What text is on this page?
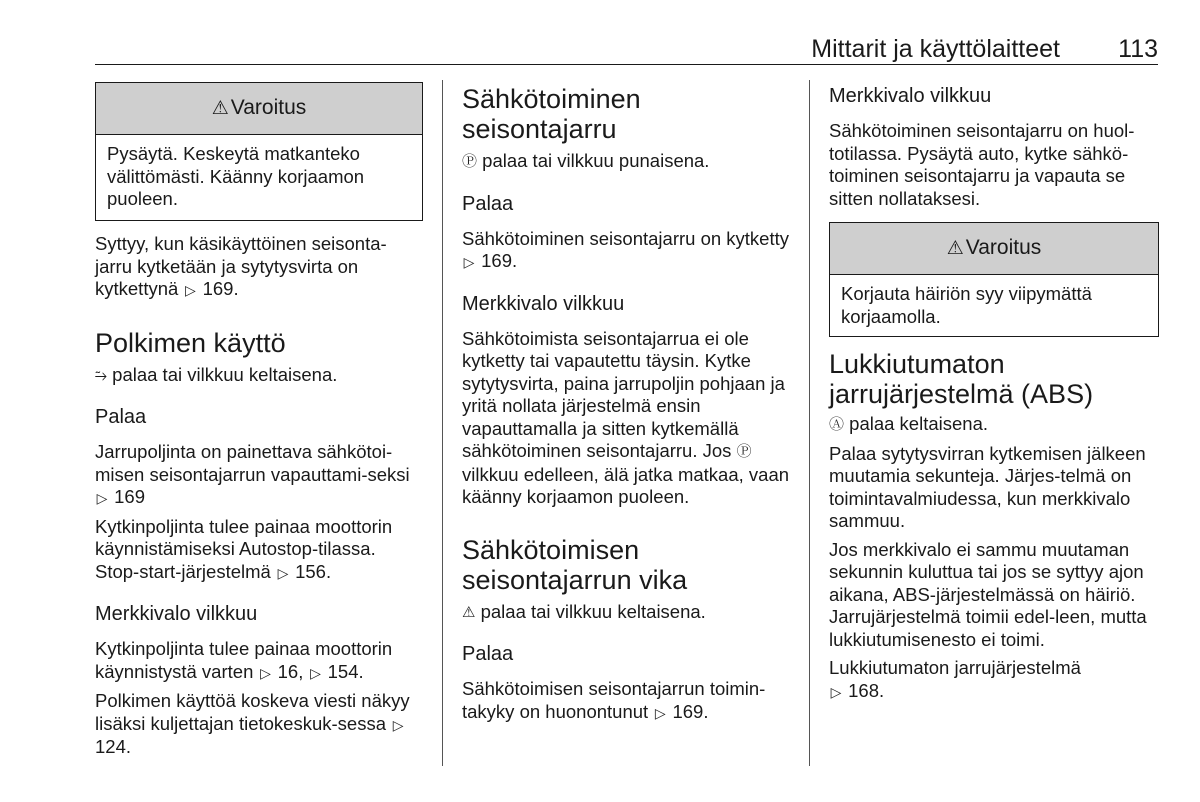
Mittarit ja käyttölaitteet	113
⚠Varoitus

Pysäytä. Keskeytä matkanteko välittömästi. Käänny korjaamon puoleen.

Syttyy, kun käsikäyttöinen seisonta-jarru kytketään ja sytytysvirta on kytkettynä ▷ 169.

Polkimen käyttö

⥲ palaa tai vilkkuu keltaisena.

Palaa

Jarrupoljinta on painettava sähkötoi-misen seisontajarrun vapauttami-seksi ▷ 169

Kytkinpoljinta tulee painaa moottorin käynnistämiseksi Autostop-tilassa. Stop-start-järjestelmä ▷ 156.

Merkkivalo vilkkuu

Kytkinpoljinta tulee painaa moottorin käynnistystä varten ▷ 16, ▷ 154.

Polkimen käyttöä koskeva viesti näkyy lisäksi kuljettajan tietokeskuk-sessa ▷ 124.

Sähkötoiminen seisontajarru

Ⓟ palaa tai vilkkuu punaisena.

Palaa

Sähkötoiminen seisontajarru on kytketty ▷ 169.

Merkkivalo vilkkuu

Sähkötoimista seisontajarrua ei ole kytketty tai vapautettu täysin. Kytke sytytysvirta, paina jarrupoljin pohjaan ja yritä nollata järjestelmä ensin vapauttamalla ja sitten kytkemällä sähkötoiminen seisontajarru. Jos Ⓟ vilkkuu edelleen, älä jatka matkaa, vaan käänny korjaamon puoleen.

Sähkötoimisen seisontajarrun vika

⚠︎ palaa tai vilkkuu keltaisena.

Palaa

Sähkötoimisen seisontajarrun toimin-takyky on huonontunut ▷ 169.

Merkkivalo vilkkuu

Sähkötoiminen seisontajarru on huol-totilassa. Pysäytä auto, kytke sähkö-toiminen seisontajarru ja vapauta se sitten nollataksesi.

⚠Varoitus

Korjauta häiriön syy viipymättä korjaamolla.

Lukkiutumaton jarrujärjestelmä (ABS)

Ⓐ palaa keltaisena.

Palaa sytytysvirran kytkemisen jälkeen muutamia sekunteja. Järjes-telmä on toimintavalmiudessa, kun merkkivalo sammuu.

Jos merkkivalo ei sammu muutaman sekunnin kuluttua tai jos se syttyy ajon aikana, ABS-järjestelmässä on häiriö. Jarrujärjestelmä toimii edel-leen, mutta lukkiutumisenesto ei toimi.

Lukkiutumaton jarrujärjestelmä
▷ 168.
